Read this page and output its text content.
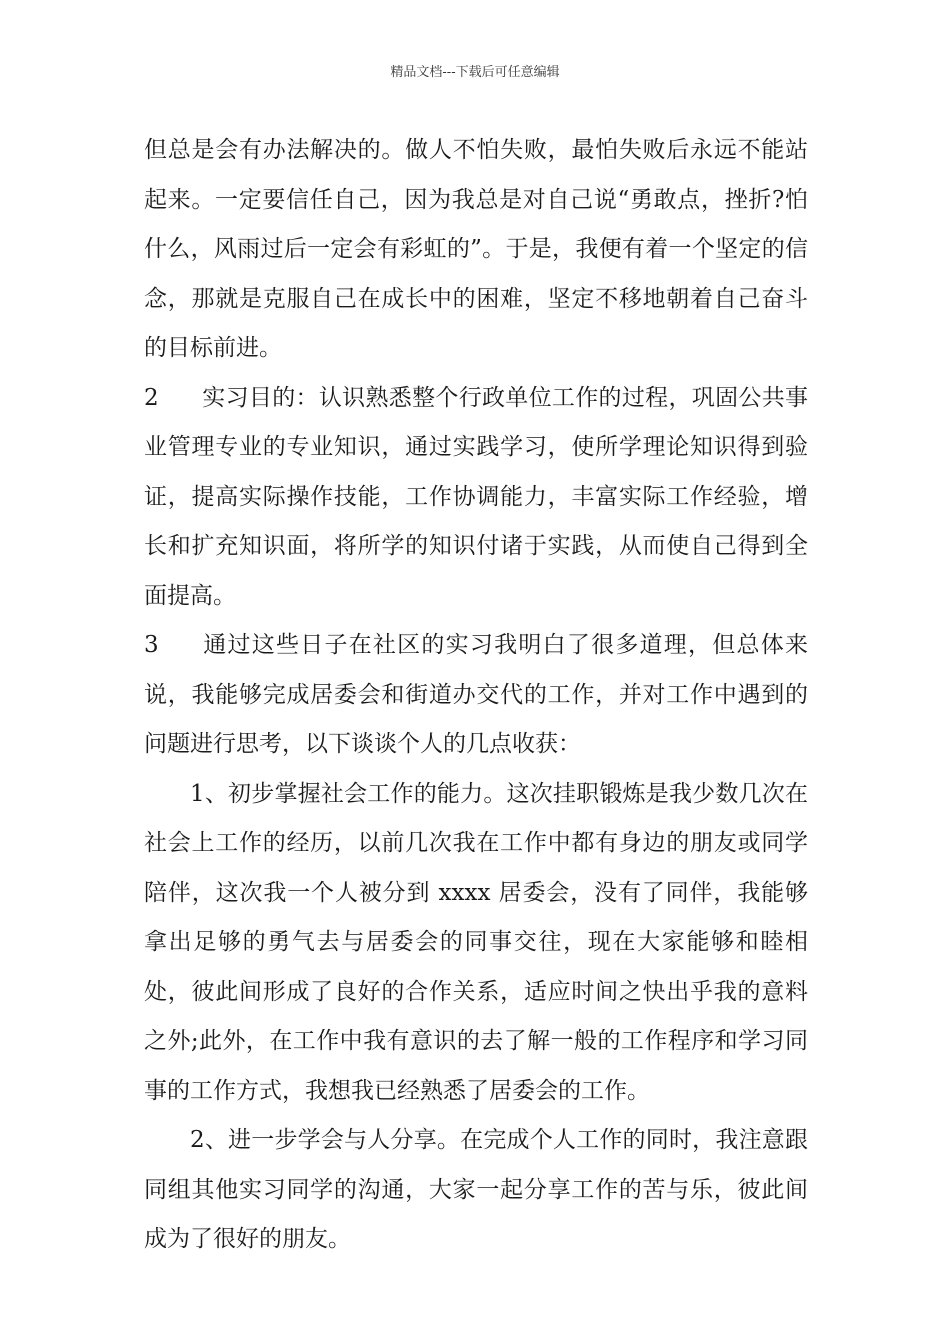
精品文档---下载后可任意编辑

但总是会有办法解决的。做人不怕失败，最怕失败后永远不能站起来。一定要信任自己，因为我总是对自己说“勇敢点，挫折?怕什么，风雨过后一定会有彩虹的”。于是，我便有着一个坚定的信念，那就是克服自己在成长中的困难，坚定不移地朝着自己奋斗的目标前进。

2 实习目的：认识熟悉整个行政单位工作的过程，巩固公共事业管理专业的专业知识，通过实践学习，使所学理论知识得到验证，提高实际操作技能，工作协调能力，丰富实际工作经验，增长和扩充知识面，将所学的知识付诸于实践，从而使自己得到全面提高。

3 通过这些日子在社区的实习我明白了很多道理，但总体来说，我能够完成居委会和街道办交代的工作，并对工作中遇到的问题进行思考，以下谈谈个人的几点收获：

1、初步掌握社会工作的能力。这次挂职锻炼是我少数几次在社会上工作的经历，以前几次我在工作中都有身边的朋友或同学陪伴，这次我一个人被分到 xxxx 居委会，没有了同伴，我能够拿出足够的勇气去与居委会的同事交往，现在大家能够和睦相处，彼此间形成了良好的合作关系，适应时间之快出乎我的意料之外;此外，在工作中我有意识的去了解一般的工作程序和学习同事的工作方式，我想我已经熟悉了居委会的工作。

2、进一步学会与人分享。在完成个人工作的同时，我注意跟同组其他实习同学的沟通，大家一起分享工作的苦与乐，彼此间成为了很好的朋友。
